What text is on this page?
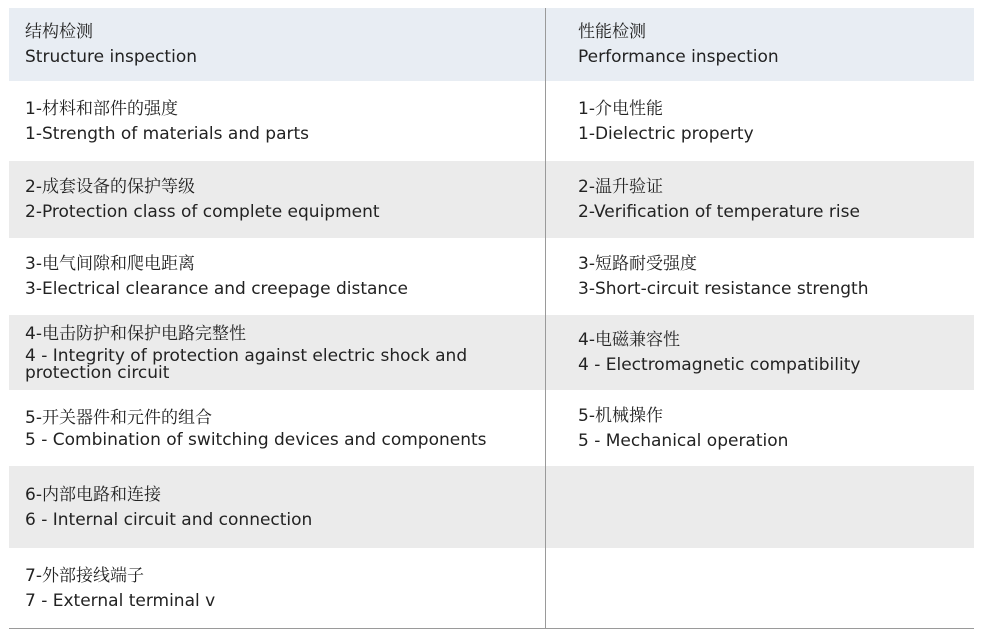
结构检测
Structure inspection
性能检测
Performance inspection
1-材料和部件的强度
1-Strength of materials and parts
1-介电性能
1-Dielectric property
2-成套设备的保护等级
2-Protection class of complete equipment
2-温升验证
2-Verification of temperature rise
3-电气间隙和爬电距离
3-Electrical clearance and creepage distance
3-短路耐受强度
3-Short-circuit resistance strength
4-电击防护和保护电路完整性
4 - Integrity of protection against electric shock and protection circuit
4-电磁兼容性
4 - Electromagnetic compatibility
5-开关器件和元件的组合
5 - Combination of switching devices and components
5-机械操作
5 - Mechanical operation
6-内部电路和连接
6 - Internal circuit and connection
7-外部接线端子
7 - External terminal v
